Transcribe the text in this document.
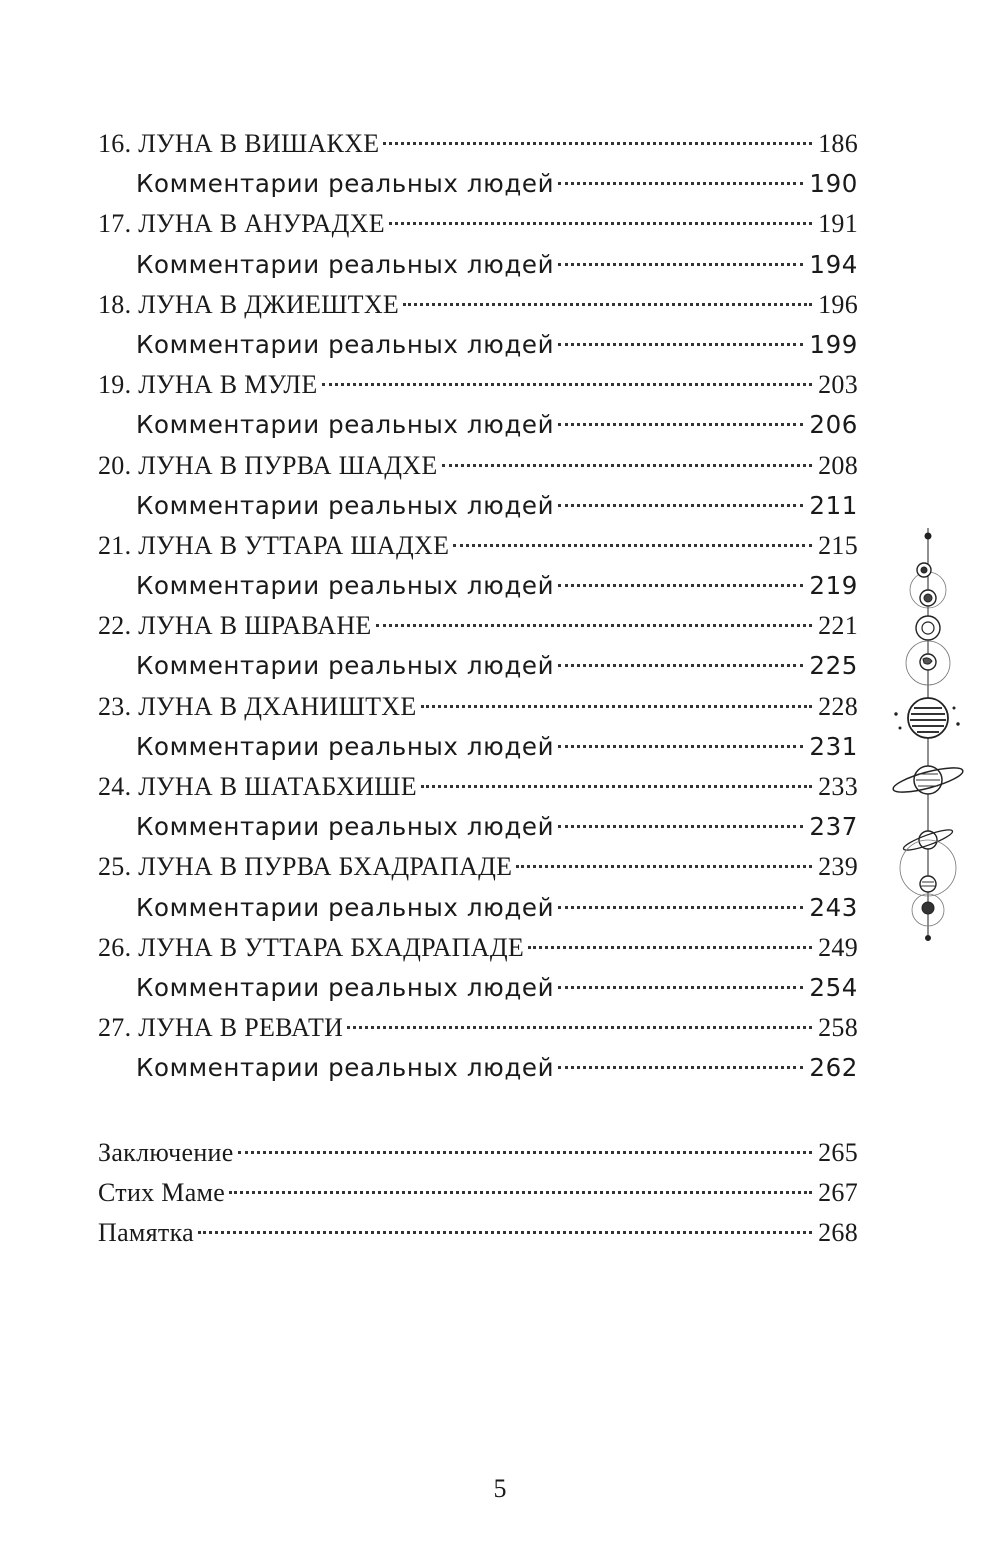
16. ЛУНА В ВИШАКХЕ	186
Комментарии реальных людей	190
17. ЛУНА В АНУРАДХЕ	191
Комментарии реальных людей	194
18. ЛУНА В ДЖИЕШТХЕ	196
Комментарии реальных людей	199
19. ЛУНА В МУЛЕ	203
Комментарии реальных людей	206
20. ЛУНА В ПУРВА ШАДХЕ	208
Комментарии реальных людей	211
21. ЛУНА В УТТАРА ШАДХЕ	215
Комментарии реальных людей	219
22. ЛУНА В ШРАВАНЕ	221
Комментарии реальных людей	225
23. ЛУНА В ДХАНИШТХЕ	228
Комментарии реальных людей	231
24. ЛУНА В ШАТАБХИШЕ	233
Комментарии реальных людей	237
25. ЛУНА В ПУРВА БХАДРАПАДЕ	239
Комментарии реальных людей	243
26. ЛУНА В УТТАРА БХАДРАПАДЕ	249
Комментарии реальных людей	254
27. ЛУНА В РЕВАТИ	258
Комментарии реальных людей	262
Заключение	265
Стих Маме	267
Памятка	268
5
